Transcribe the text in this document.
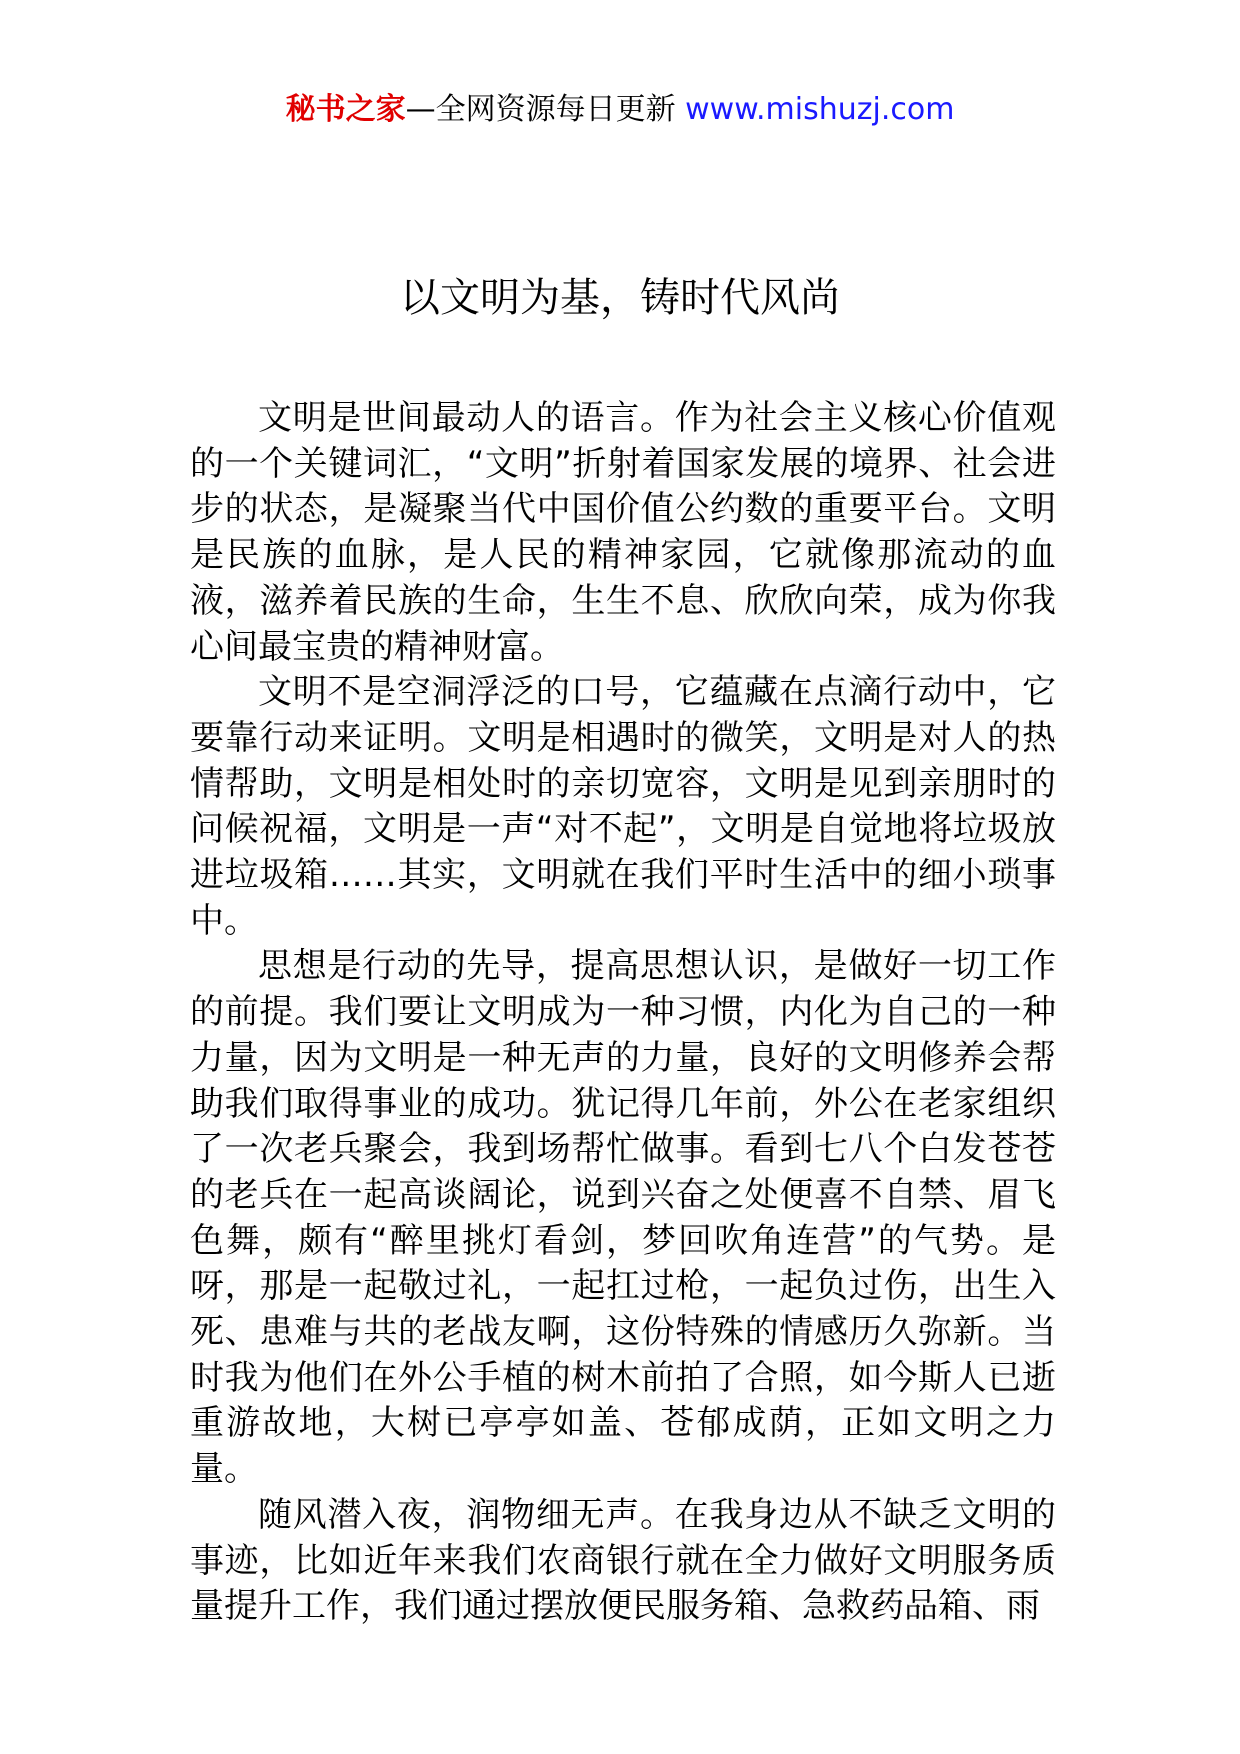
秘书之家—全网资源每日更新 www.mishuzj.com
以文明为基，铸时代风尚

文明是世间最动人的语言。作为社会主义核心价值观的一个关键词汇，“文明”折射着国家发展的境界、社会进步的状态，是凝聚当代中国价值公约数的重要平台。文明是民族的血脉，是人民的精神家园，它就像那流动的血液，滋养着民族的生命，生生不息、欣欣向荣，成为你我心间最宝贵的精神财富。

文明不是空洞浮泛的口号，它蕴藏在点滴行动中，它要靠行动来证明。文明是相遇时的微笑，文明是对人的热情帮助，文明是相处时的亲切宽容，文明是见到亲朋时的问候祝福，文明是一声“对不起”，文明是自觉地将垃圾放进垃圾箱……其实，文明就在我们平时生活中的细小琐事中。

思想是行动的先导，提高思想认识，是做好一切工作的前提。我们要让文明成为一种习惯，内化为自己的一种力量，因为文明是一种无声的力量，良好的文明修养会帮助我们取得事业的成功。犹记得几年前，外公在老家组织了一次老兵聚会，我到场帮忙做事。看到七八个白发苍苍的老兵在一起高谈阔论，说到兴奋之处便喜不自禁、眉飞色舞，颇有“醉里挑灯看剑，梦回吹角连营”的气势。是呀，那是一起敬过礼，一起扛过枪，一起负过伤，出生入死、患难与共的老战友啊，这份特殊的情感历久弥新。当时我为他们在外公手植的树木前拍了合照，如今斯人已逝重游故地，大树已亭亭如盖、苍郁成荫，正如文明之力量。

随风潜入夜，润物细无声。在我身边从不缺乏文明的事迹，比如近年来我们农商银行就在全力做好文明服务质量提升工作，我们通过摆放便民服务箱、急救药品箱、雨
